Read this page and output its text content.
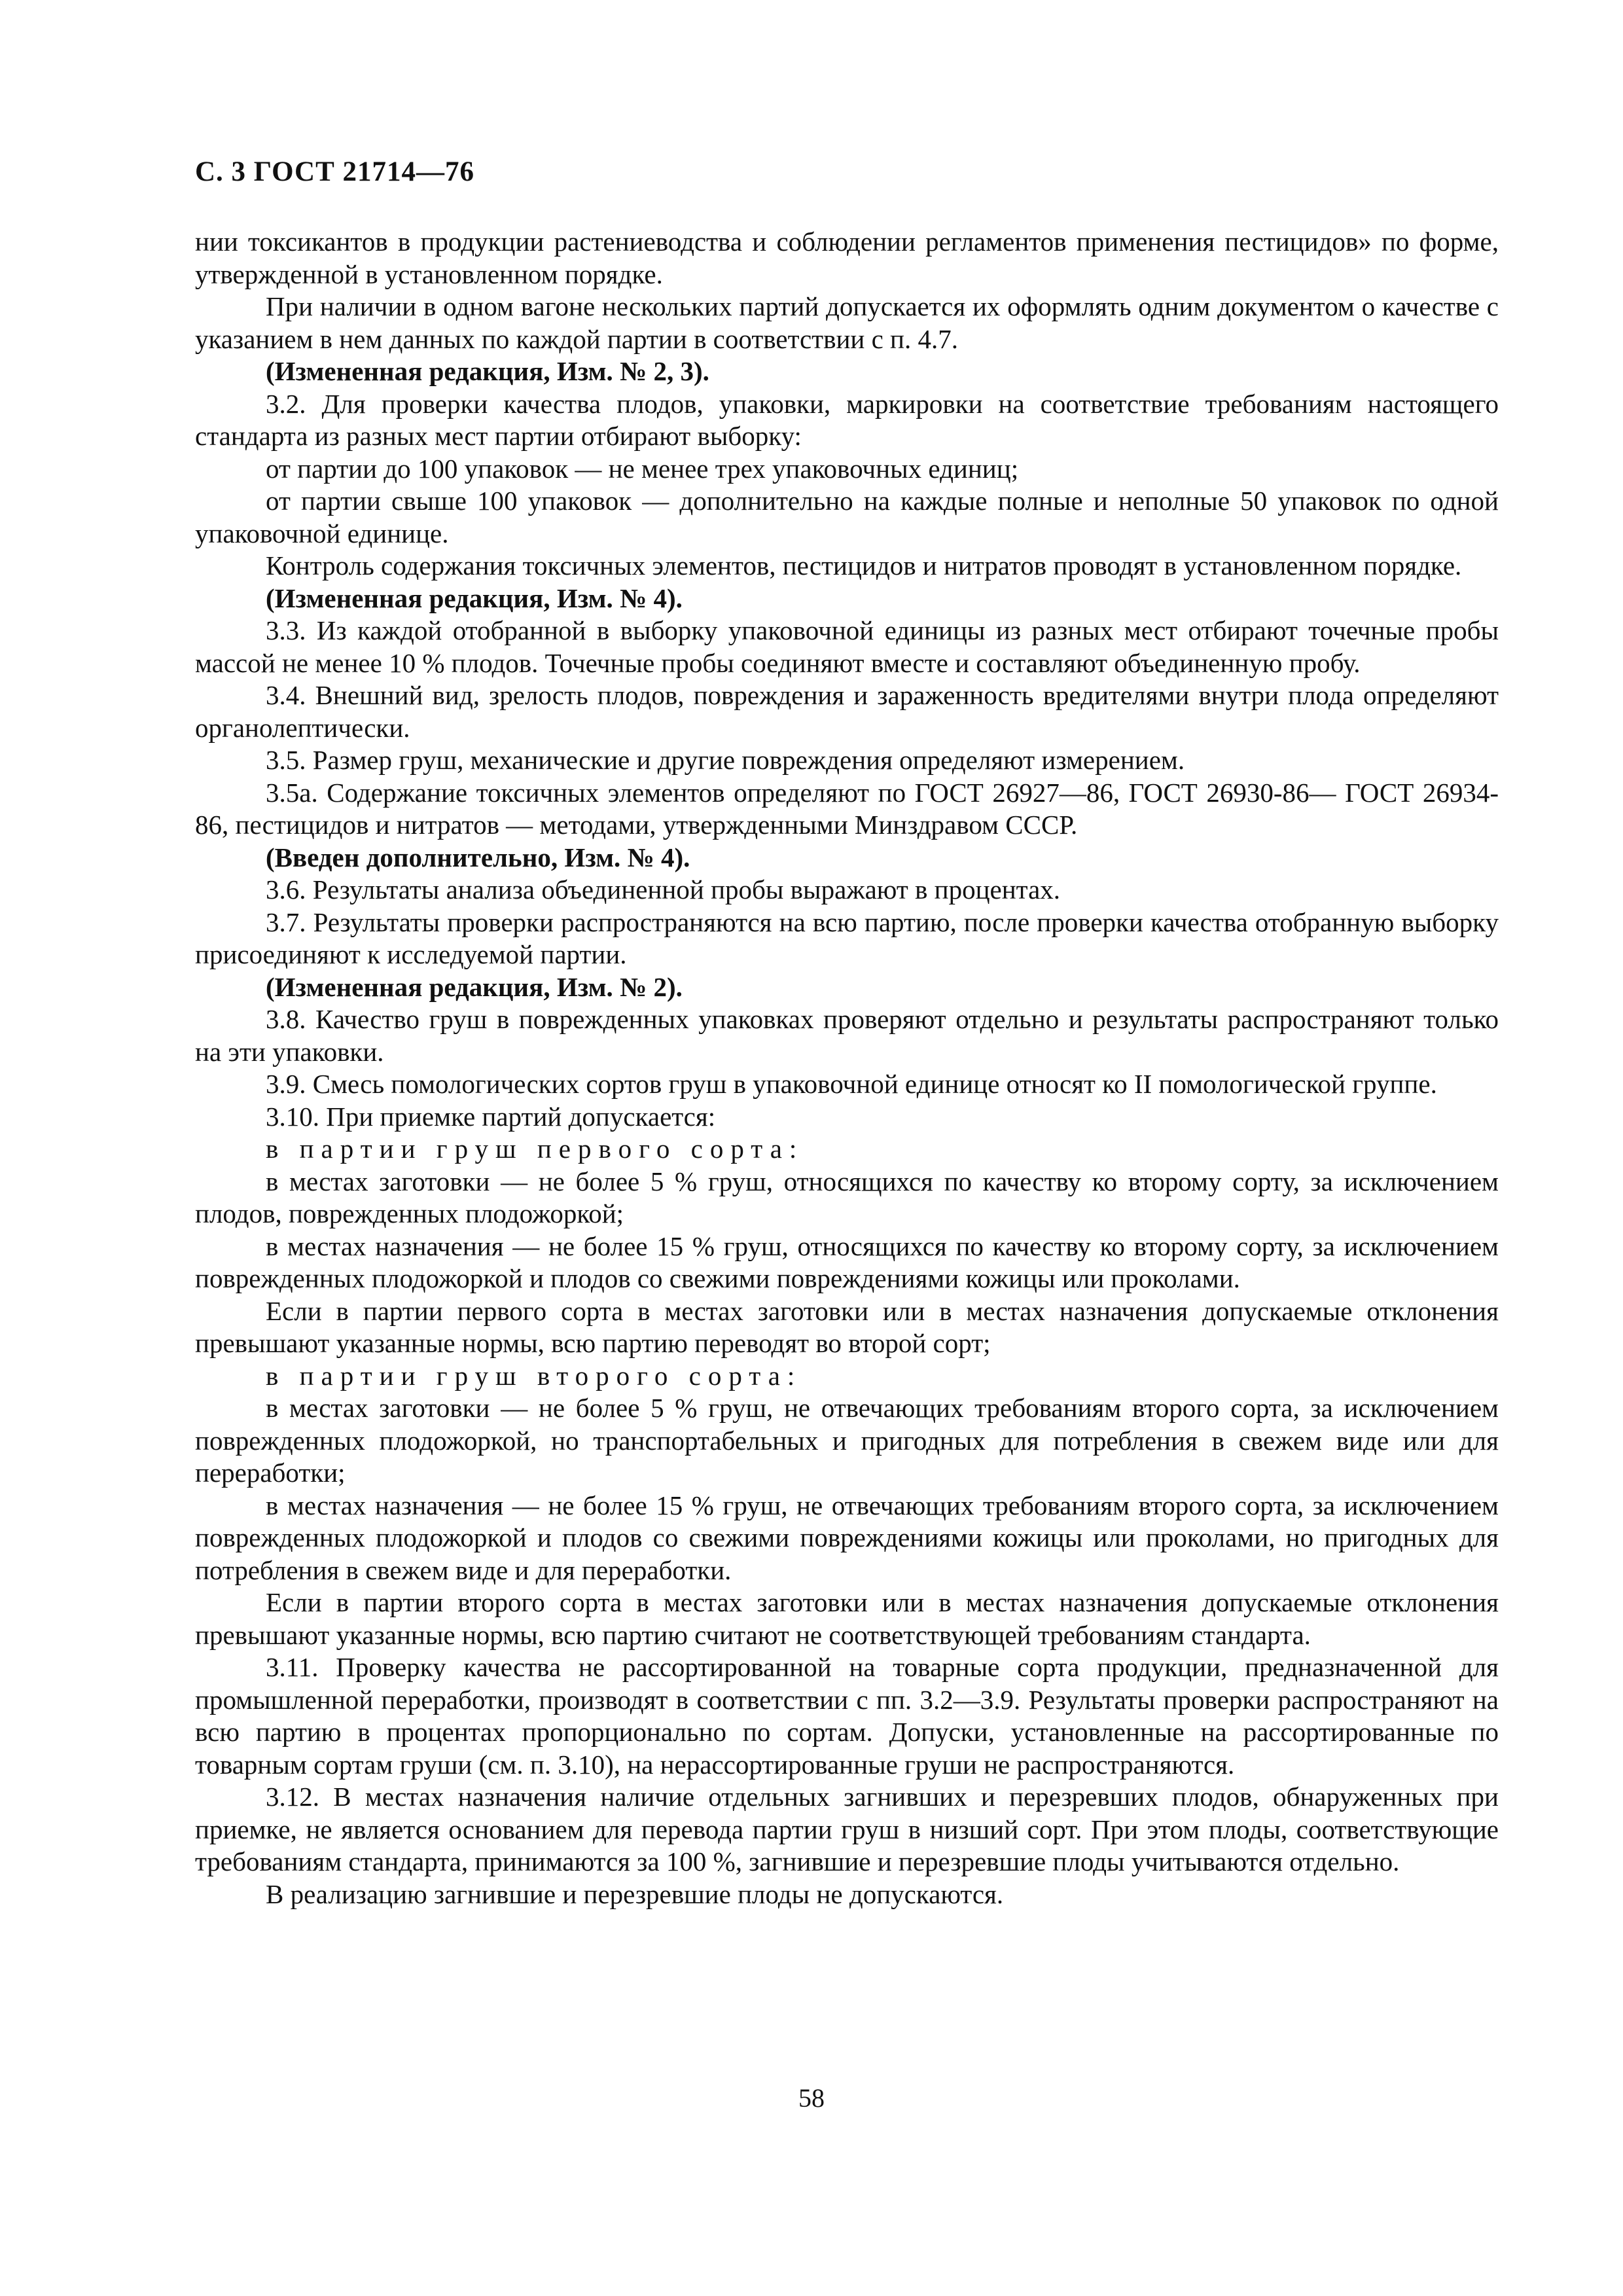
С. 3 ГОСТ 21714—76

нии токсикантов в продукции растениеводства и соблюдении регламентов применения пестицидов» по форме, утвержденной в установленном порядке.

При наличии в одном вагоне нескольких партий допускается их оформлять одним документом о качестве с указанием в нем данных по каждой партии в соответствии с п. 4.7.

(Измененная редакция, Изм. № 2, 3).

3.2. Для проверки качества плодов, упаковки, маркировки на соответствие требованиям настоящего стандарта из разных мест партии отбирают выборку:

от партии до 100 упаковок — не менее трех упаковочных единиц;

от партии свыше 100 упаковок — дополнительно на каждые полные и неполные 50 упаковок по одной упаковочной единице.

Контроль содержания токсичных элементов, пестицидов и нитратов проводят в установленном порядке.

(Измененная редакция, Изм. № 4).

3.3. Из каждой отобранной в выборку упаковочной единицы из разных мест отбирают точечные пробы массой не менее 10 % плодов. Точечные пробы соединяют вместе и составляют объединенную пробу.

3.4. Внешний вид, зрелость плодов, повреждения и зараженность вредителями внутри плода определяют органолептически.

3.5. Размер груш, механические и другие повреждения определяют измерением.

3.5а. Содержание токсичных элементов определяют по ГОСТ 26927—86, ГОСТ 26930-86— ГОСТ 26934-86, пестицидов и нитратов — методами, утвержденными Минздравом СССР.

(Введен дополнительно, Изм. № 4).

3.6. Результаты анализа объединенной пробы выражают в процентах.

3.7. Результаты проверки распространяются на всю партию, после проверки качества отобранную выборку присоединяют к исследуемой партии.

(Измененная редакция, Изм. № 2).

3.8. Качество груш в поврежденных упаковках проверяют отдельно и результаты распространяют только на эти упаковки.

3.9. Смесь помологических сортов груш в упаковочной единице относят ко II помологической группе.

3.10. При приемке партий допускается:

в партии груш первого сорта:

в местах заготовки — не более 5 % груш, относящихся по качеству ко второму сорту, за исключением плодов, поврежденных плодожоркой;

в местах назначения — не более 15 % груш, относящихся по качеству ко второму сорту, за исключением поврежденных плодожоркой и плодов со свежими повреждениями кожицы или проколами.

Если в партии первого сорта в местах заготовки или в местах назначения допускаемые отклонения превышают указанные нормы, всю партию переводят во второй сорт;

в партии груш второго сорта:

в местах заготовки — не более 5 % груш, не отвечающих требованиям второго сорта, за исключением поврежденных плодожоркой, но транспортабельных и пригодных для потребления в свежем виде или для переработки;

в местах назначения — не более 15 % груш, не отвечающих требованиям второго сорта, за исключением поврежденных плодожоркой и плодов со свежими повреждениями кожицы или проколами, но пригодных для потребления в свежем виде и для переработки.

Если в партии второго сорта в местах заготовки или в местах назначения допускаемые отклонения превышают указанные нормы, всю партию считают не соответствующей требованиям стандарта.

3.11. Проверку качества не рассортированной на товарные сорта продукции, предназначенной для промышленной переработки, производят в соответствии с пп. 3.2—3.9. Результаты проверки распространяют на всю партию в процентах пропорционально по сортам. Допуски, установленные на рассортированные по товарным сортам груши (см. п. 3.10), на нерассортированные груши не распространяются.

3.12. В местах назначения наличие отдельных загнивших и перезревших плодов, обнаруженных при приемке, не является основанием для перевода партии груш в низший сорт. При этом плоды, соответствующие требованиям стандарта, принимаются за 100 %, загнившие и перезревшие плоды учитываются отдельно.

В реализацию загнившие и перезревшие плоды не допускаются.

58
